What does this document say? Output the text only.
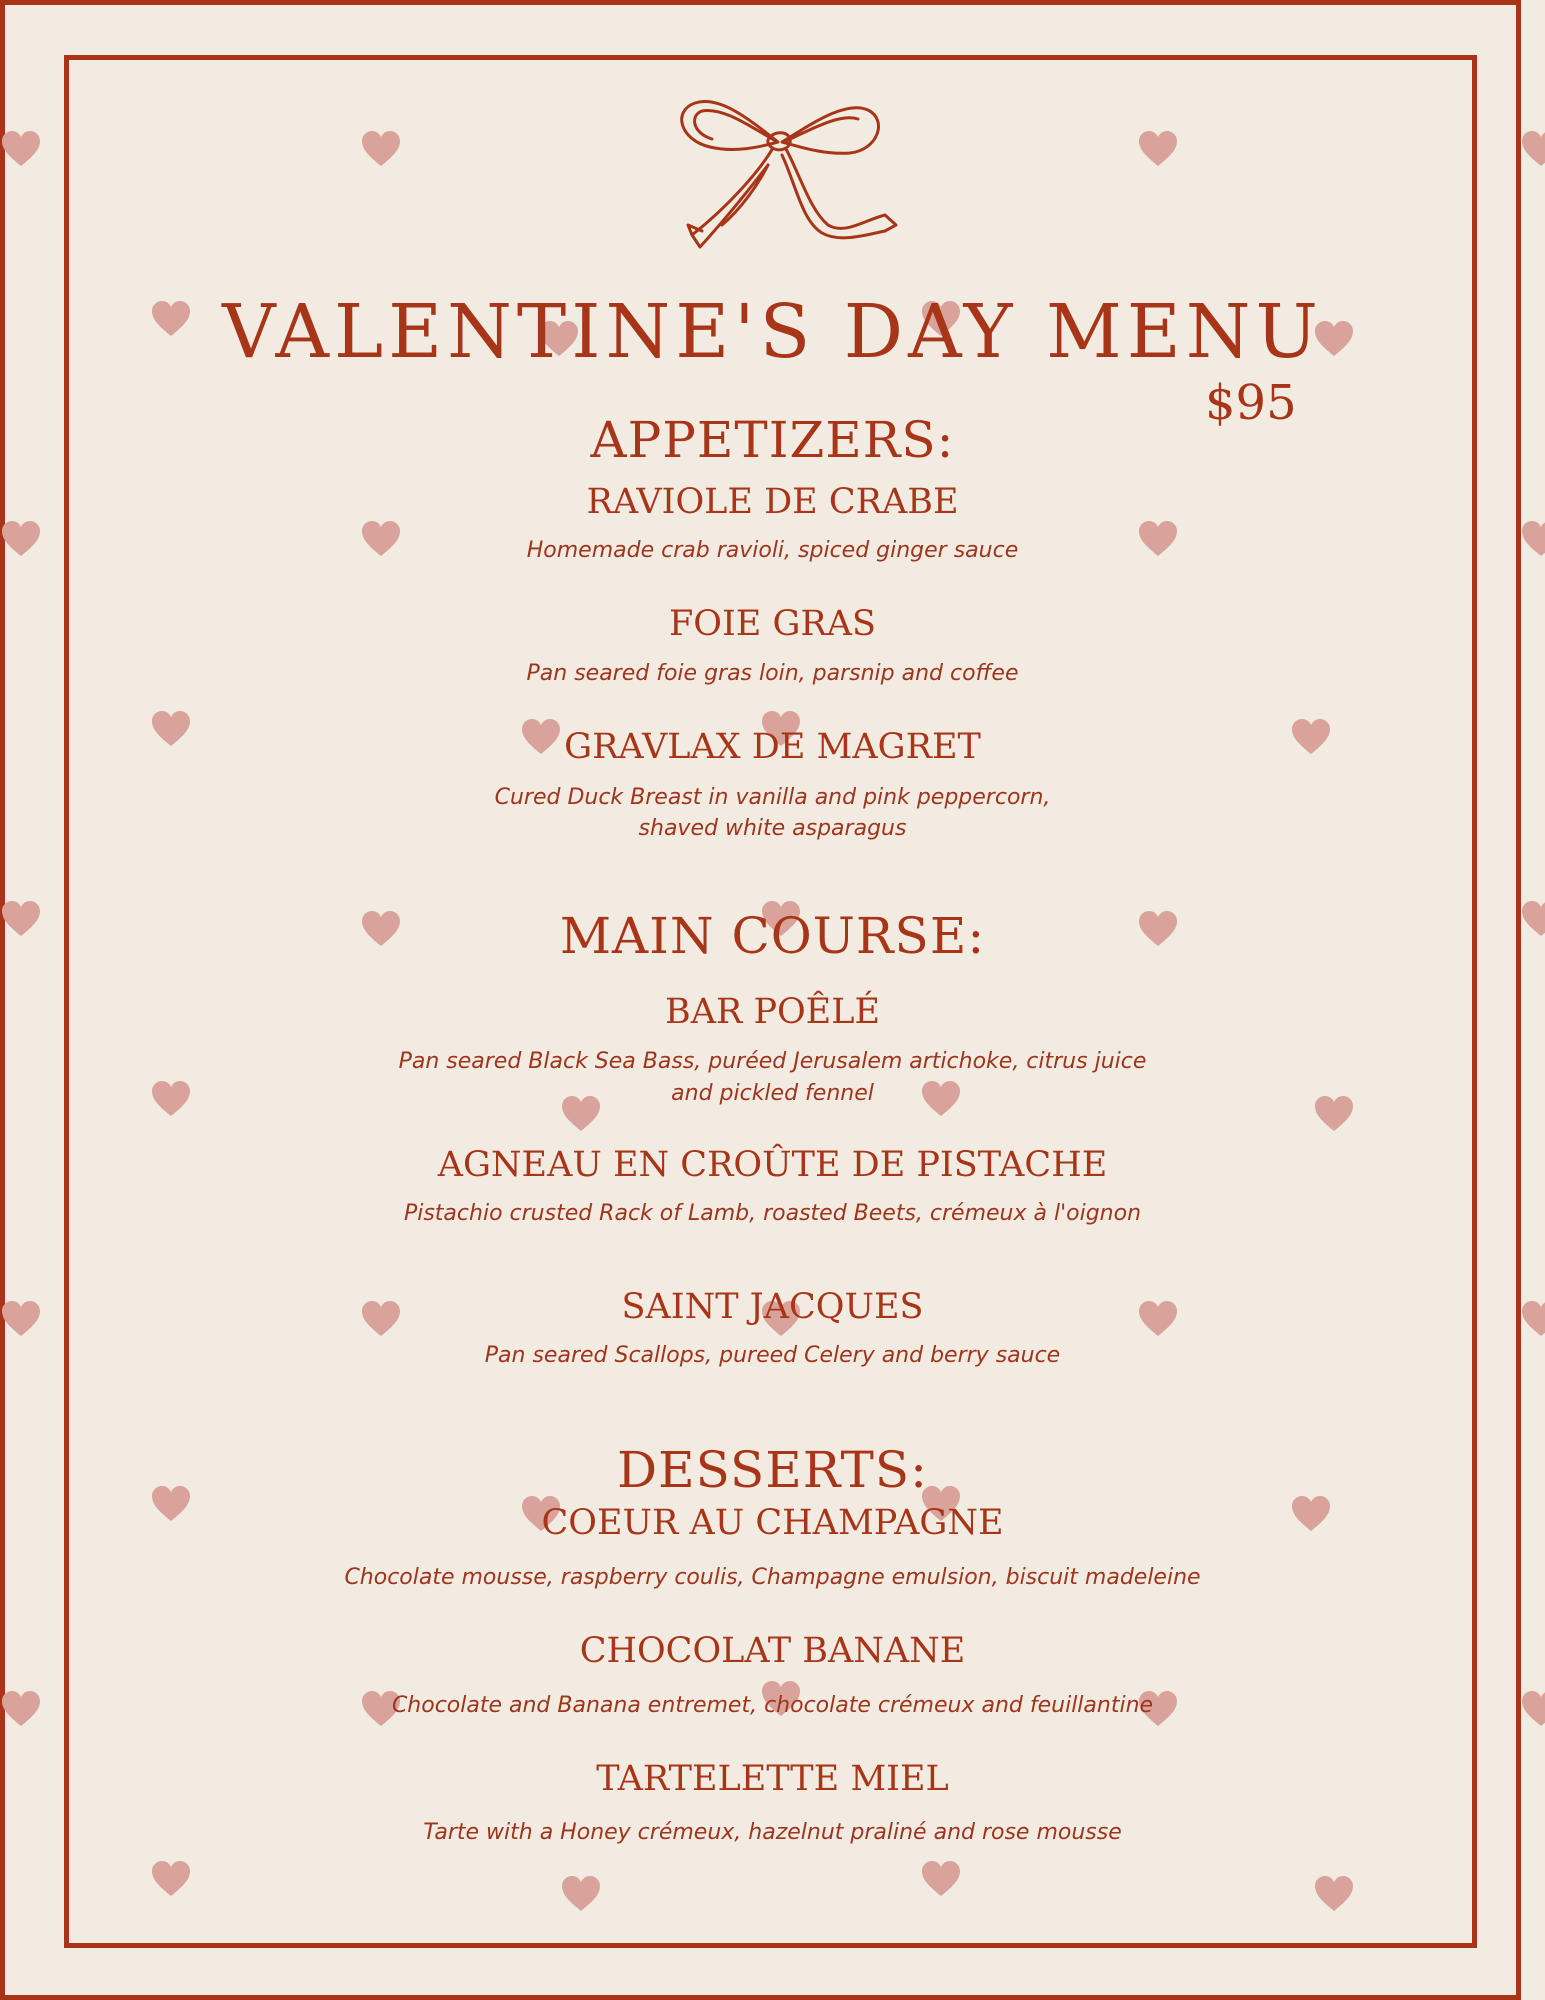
VALENTINE'S DAY MENU
$95
APPETIZERS:
RAVIOLE DE CRABE
Homemade crab ravioli, spiced ginger sauce
FOIE GRAS
Pan seared foie gras loin, parsnip and coffee
GRAVLAX DE MAGRET
Cured Duck Breast in vanilla and pink peppercorn,
shaved white asparagus
MAIN COURSE:
BAR POÊLÉ
Pan seared Black Sea Bass, puréed Jerusalem artichoke, citrus juice
and pickled fennel
AGNEAU EN CROÛTE DE PISTACHE
Pistachio crusted Rack of Lamb, roasted Beets, crémeux à l'oignon
SAINT JACQUES
Pan seared Scallops, pureed Celery and berry sauce
DESSERTS:
COEUR AU CHAMPAGNE
Chocolate mousse, raspberry coulis, Champagne emulsion, biscuit madeleine
CHOCOLAT BANANE
Chocolate and Banana entremet, chocolate crémeux and feuillantine
TARTELETTE MIEL
Tarte with a Honey crémeux, hazelnut praliné and rose mousse
